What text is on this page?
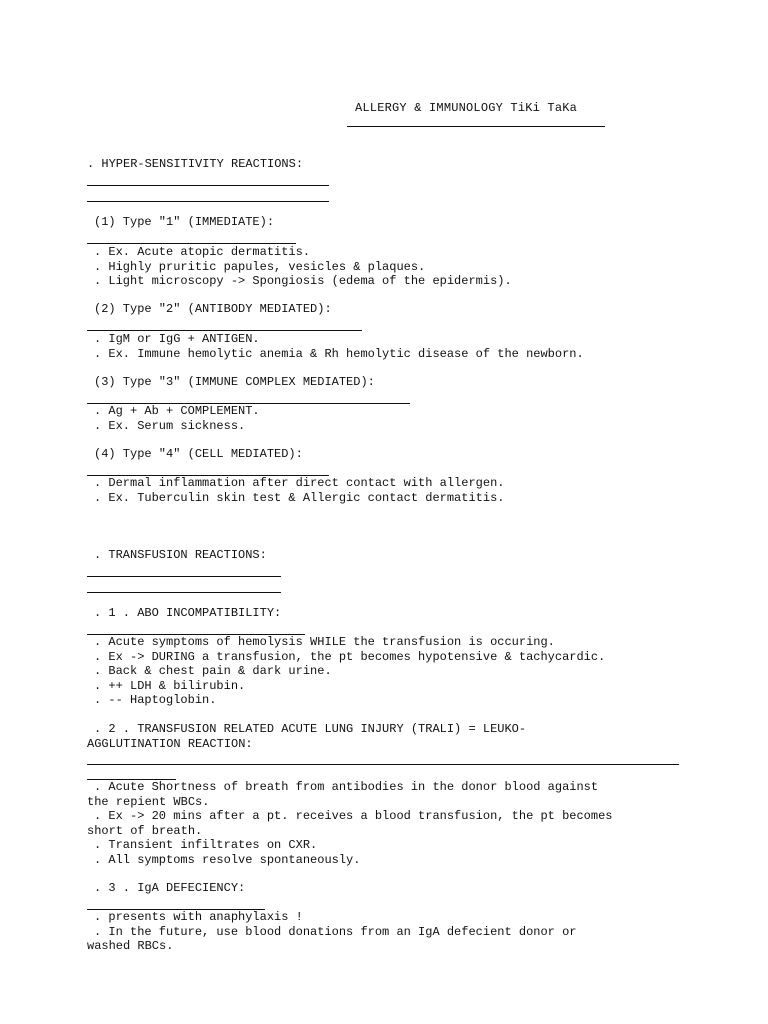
ALLERGY & IMMUNOLOGY TiKi TaKa
. HYPER-SENSITIVITY REACTIONS:
(1) Type "1" (IMMEDIATE):
. Ex. Acute atopic dermatitis.
. Highly pruritic papules, vesicles & plaques.
. Light microscopy -> Spongiosis (edema of the epidermis).
(2) Type "2" (ANTIBODY MEDIATED):
. IgM or IgG + ANTIGEN.
. Ex. Immune hemolytic anemia & Rh hemolytic disease of the newborn.
(3) Type "3" (IMMUNE COMPLEX MEDIATED):
. Ag + Ab + COMPLEMENT.
. Ex. Serum sickness.
(4) Type "4" (CELL MEDIATED):
. Dermal inflammation after direct contact with allergen.
. Ex. Tuberculin skin test & Allergic contact dermatitis.
. TRANSFUSION REACTIONS:
. 1 . ABO INCOMPATIBILITY:
. Acute symptoms of hemolysis WHILE the transfusion is occuring.
. Ex -> DURING a transfusion, the pt becomes hypotensive & tachycardic.
. Back & chest pain & dark urine.
. ++ LDH & bilirubin.
. -- Haptoglobin.
. 2 . TRANSFUSION RELATED ACUTE LUNG INJURY (TRALI) = LEUKO-
AGGLUTINATION REACTION:
. Acute Shortness of breath from antibodies in the donor blood against
the repient WBCs.
. Ex -> 20 mins after a pt. receives a blood transfusion, the pt becomes
short of breath.
. Transient infiltrates on CXR.
. All symptoms resolve spontaneously.
. 3 . IgA DEFECIENCY:
. presents with anaphylaxis !
. In the future, use blood donations from an IgA defecient donor or
washed RBCs.
